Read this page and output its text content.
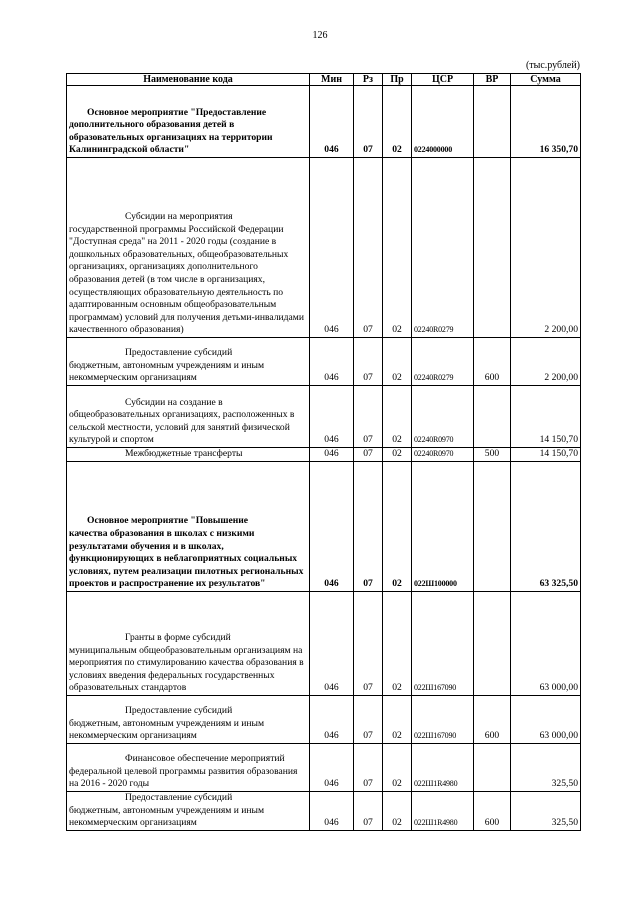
126
(тыс.рублей)
Наименование кода	Мин	Рз	Пр	ЦСР	ВР	Сумма

Основное мероприятие "Предоставление
дополнительного образования детей в образовательных организациях на территории Калининградской области"	046	07	02	0224000000		16 350,70

Субсидии на мероприятия
государственной программы Российской Федерации "Доступная среда" на 2011 - 2020 годы (создание в дошкольных образовательных, общеобразовательных организациях, организациях дополнительного образования детей (в том числе в организациях, осуществляющих образовательную деятельность по адаптированным основным общеобразовательным программам) условий для получения детьми-инвалидами качественного образования)	046	07	02	02240R0279		2 200,00

Предоставление субсидий
бюджетным, автономным учреждениям и иным некоммерческим организациям	046	07	02	02240R0279	600	2 200,00

Субсидии на создание в
общеобразовательных организациях, расположенных в сельской местности, условий для занятий физической культурой и спортом	046	07	02	02240R0970		14 150,70

Межбюджетные трансферты	046	07	02	02240R0970	500	14 150,70

Основное мероприятие "Повышение
качества образования в школах с низкими результатами обучения и в школах, функционирующих в неблагоприятных социальных условиях, путем реализации пилотных региональных проектов и распространение их результатов"	046	07	02	022Ш100000		63 325,50

Гранты в форме субсидий
муниципальным общеобразовательным организациям на мероприятия по стимулированию качества образования в условиях введения федеральных государственных образовательных стандартов	046	07	02	022Ш167090		63 000,00

Предоставление субсидий
бюджетным, автономным учреждениям и иным некоммерческим организациям	046	07	02	022Ш167090	600	63 000,00

Финансовое обеспечение мероприятий
федеральной целевой программы развития образования на 2016 - 2020 годы	046	07	02	022Ш1R4980		325,50

Предоставление субсидий
бюджетным, автономным учреждениям и иным некоммерческим организациям	046	07	02	022Ш1R4980	600	325,50
